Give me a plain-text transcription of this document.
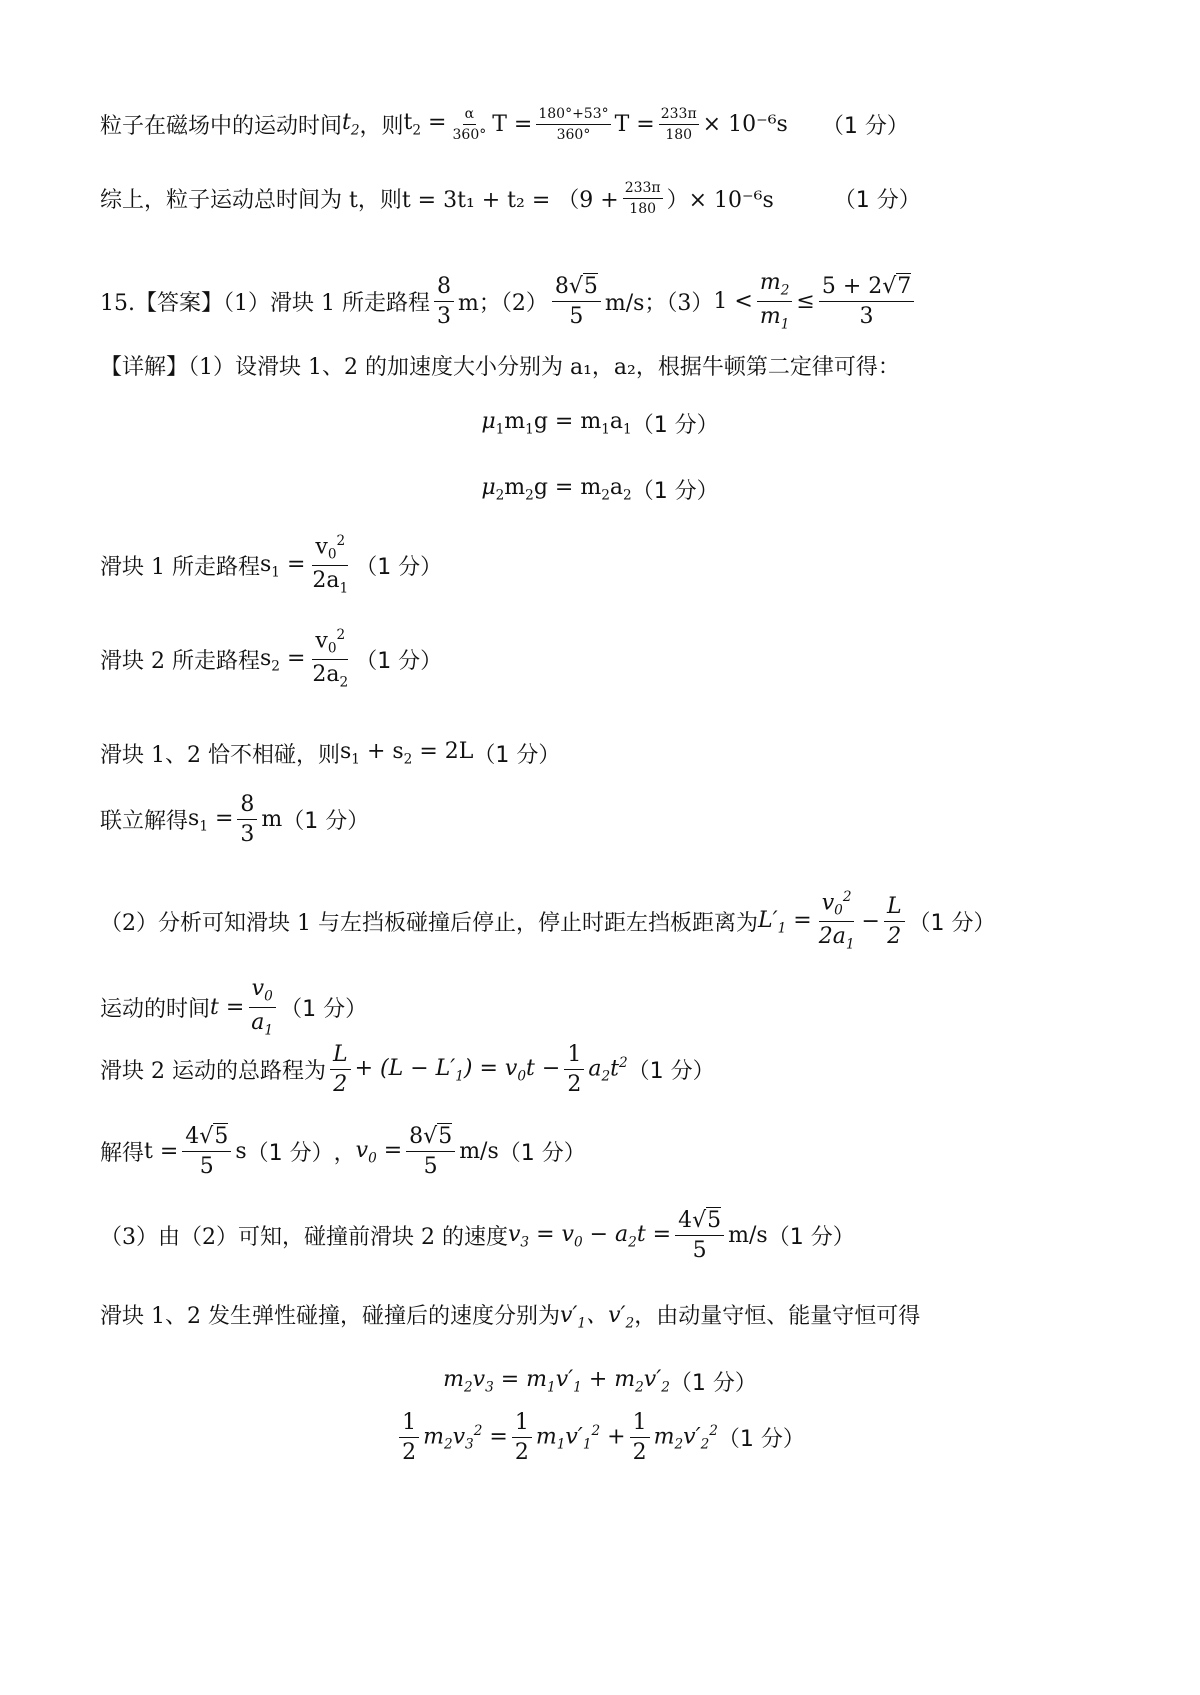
粒子在磁场中的运动时间 $t_2$ ，则 $t_2 = \frac{\alpha}{360^\circ}$ $T = \frac{180^\circ+53^\circ}{360^\circ}$ $T = \frac{233\pi}{180} \times 10^{-6}s$ （1 分）
综上，粒子运动总时间为 t，则 $t = 3t_1 + t_2 = (9 + \frac{233\pi}{180}$ ）× 10⁻⁶s	（1 分）
15.【答案】（1）滑块 1 所走路程 $\frac{8}{3}$ m；$(2) \frac{8√5}{5} m/s$；（3） $1 < \frac{m_2}{m_1} \le \frac{5 + 2√7}{3}$
【详解】（1）设滑块 1、2 的加速度大小分别为 a₁，a₂，根据牛顿第二定律可得：
$\mu_1m_1g = m_1a_1$ （1 分）
$\mu_2m_2g = m_2a_2$ （1 分）
滑块 1 所走路程 $s_1 = \frac{v_0^2}{2a_1} (1$ 分）
滑块 2 所走路程 $s_2 = \frac{v_0^2}{2a_2} (1$ 分）
滑块 1、2 恰不相碰，则 $s_1 + s_2 = 2L$ （1 分）
联立解得 $s_1 = \frac{8}{3}$ m （1 分）
（2）分析可知滑块 1 与左挡板碰撞后停止，停止时距左挡板距离为 $L'_1 = \frac{v_0^2}{2a_1} - \frac{L}{2} (1$ 分）
运动的时间 $t = \frac{v_0}{a_1} (1$ 分）
滑块 2 运动的总路程为 $\frac{L}{2} + (L - L'_1) = v_0t - \frac{1}{2} a_2t^2$ （1 分）
解得 $t = \frac{4√5}{5}$ s （1 分） ， $v_0 = \frac{8√5}{5} m/s$ （1 分）
（3）由（2）可知，碰撞前滑块 2 的速度 $v_3 = v_0 - a_2t = \frac{4√5}{5} m/s$ （1 分）
滑块 1、2 发生弹性碰撞，碰撞后的速度分别为 $v'_1$、$v'_2$ ，由动量守恒、能量守恒可得
$m_2v_3 = m_1v'_1 + m_2v'_2$ （1 分）
$\frac{1}{2} m_2v_3^2 = \frac{1}{2} m_1v'_1^2 + \frac{1}{2} m_2v'_2^2$ （1 分）
